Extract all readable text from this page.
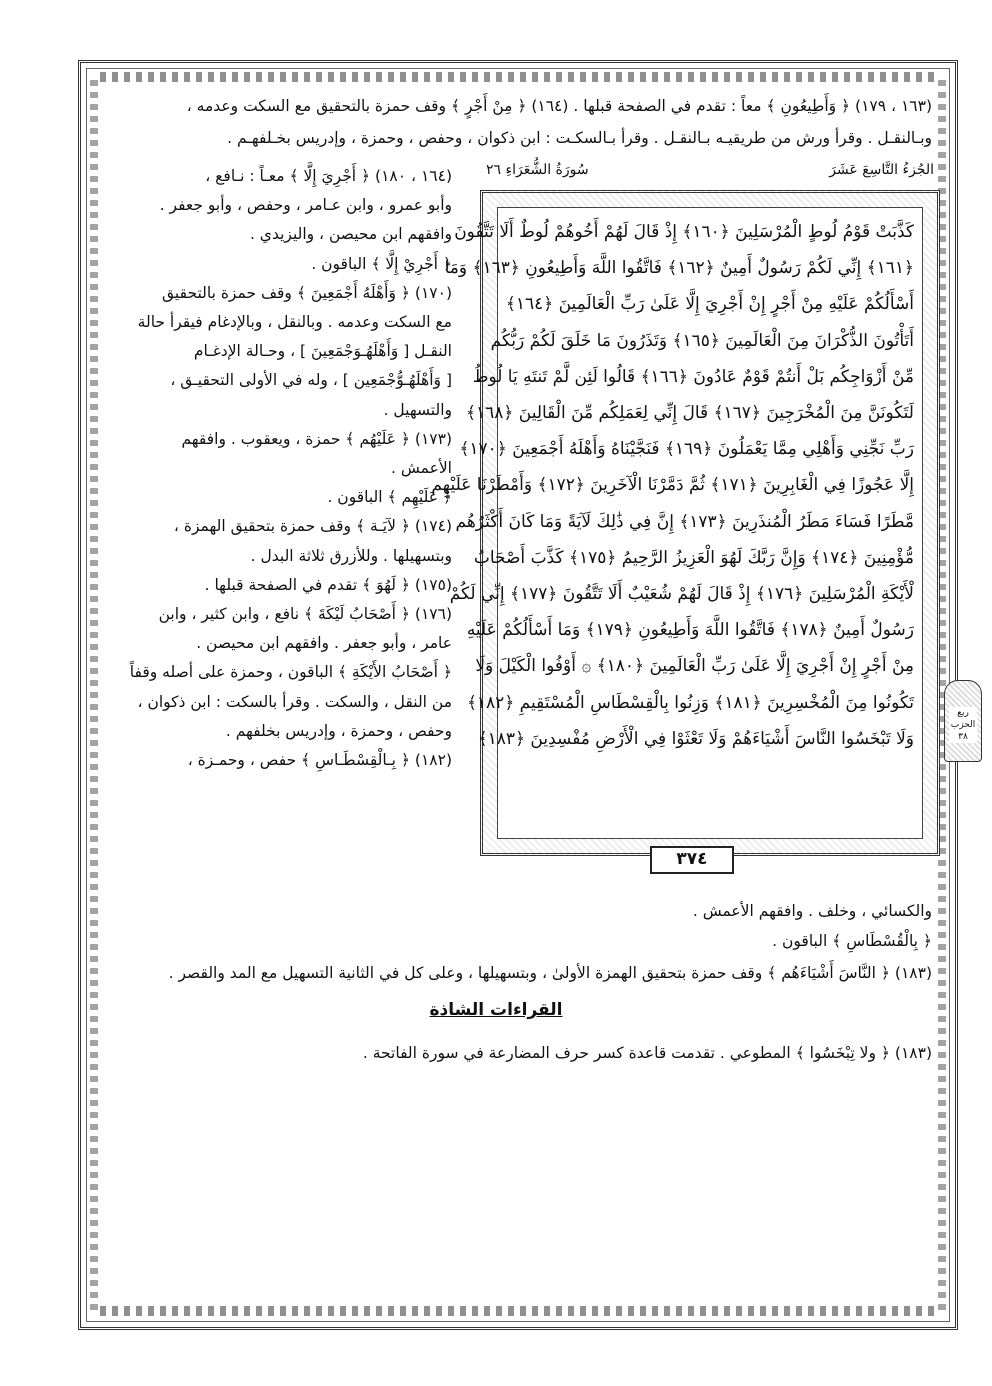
(١٦٣ ، ١٧٩) ﴿ وَأَطِيعُونِ ﴾ معاً : تقدم في الصفحة قبلها . (١٦٤) ﴿ مِنْ أَجْرٍ ﴾ وقف حمزة بالتحقيق مع السكت وعدمه ،
وبـالنقـل . وقرأ ورش من طريقيـه بـالنقـل . وقرأ بـالسكـت : ابن ذكوان ، وحفص ، وحمزة ، وإدريس بخـلفهـم .

(١٦٤ ، ١٨٠) ﴿ أَجْرِيَ إِلَّا ﴾ معـاً : نـافع ،

وأبو عمرو ، وابن عـامر ، وحفص ، وأبو جعفر .

وافقهم ابن محيصن ، واليزيدي .

﴿ أَجْرِيْ إِلَّا ﴾ الباقون .

(١٧٠) ﴿ وَأَهْلَهُ أَجْمَعِينَ ﴾ وقف حمزة بالتحقيق

مع السكت وعدمه . وبالنقل ، وبالإدغام فيقرأ حالة

النقـل [ وَأَهْلَهُـوَجْمَعِينَ ] ، وحـالة الإدغـام

[ وَأَهْلَهُـوُّجْمَعِين ] ، وله في الأولى التحقيـق ،

والتسهيل .

(١٧٣) ﴿ عَلَيْهُم ﴾ حمزة ، ويعقوب . وافقهم

الأعمش .

﴿ عَلَيْهِم ﴾ الباقون .

(١٧٤) ﴿ لآيَـة ﴾ وقف حمزة بتحقيق الهمزة ،

وبتسهيلها . وللأزرق ثلاثة البدل .

(١٧٥) ﴿ لَهُوَ ﴾ تقدم في الصفحة قبلها .

(١٧٦) ﴿ أَصْحَابُ لَيْكَةَ ﴾ نافع ، وابن كثير ، وابن

عامر ، وأبو جعفر . وافقهم ابن محيصن .

﴿ أَصْحَابُ الأَيْكَةِ ﴾ الباقون ، وحمزة على أصله وقفاً

من النقل ، والسكت . وقرأ بالسكت : ابن ذكوان ،

وحفص ، وحمزة ، وإدريس بخلفهم .

(١٨٢) ﴿ بِـالْقِسْطَـاسِ ﴾ حفص ، وحمـزة ،

الجُزءُ التَّاسِعَ عَشَرَ
سُورَةُ الشُّعَرَاءِ ٢٦

كَذَّبَتْ قَوْمُ لُوطٍ الْمُرْسَلِينَ ﴿١٦٠﴾ إِذْ قَالَ لَهُمْ أَخُوهُمْ لُوطٌ أَلَا تَتَّقُونَ

﴿١٦١﴾ إِنِّي لَكُمْ رَسُولٌ أَمِينٌ ﴿١٦٢﴾ فَاتَّقُوا اللَّهَ وَأَطِيعُونِ ﴿١٦٣﴾ وَمَا

أَسْأَلُكُمْ عَلَيْهِ مِنْ أَجْرٍ إِنْ أَجْرِيَ إِلَّا عَلَىٰ رَبِّ الْعَالَمِينَ ﴿١٦٤﴾

أَتَأْتُونَ الذُّكْرَانَ مِنَ الْعَالَمِينَ ﴿١٦٥﴾ وَتَذَرُونَ مَا خَلَقَ لَكُمْ رَبُّكُم

مِّنْ أَزْوَاجِكُم بَلْ أَنتُمْ قَوْمٌ عَادُونَ ﴿١٦٦﴾ قَالُوا لَئِن لَّمْ تَنتَهِ يَا لُوطُ

لَتَكُونَنَّ مِنَ الْمُخْرَجِينَ ﴿١٦٧﴾ قَالَ إِنِّي لِعَمَلِكُم مِّنَ الْقَالِينَ ﴿١٦٨﴾

رَبِّ نَجِّنِي وَأَهْلِي مِمَّا يَعْمَلُونَ ﴿١٦٩﴾ فَنَجَّيْنَاهُ وَأَهْلَهُ أَجْمَعِينَ ﴿١٧٠﴾

إِلَّا عَجُوزًا فِي الْغَابِرِينَ ﴿١٧١﴾ ثُمَّ دَمَّرْنَا الْآخَرِينَ ﴿١٧٢﴾ وَأَمْطَرْنَا عَلَيْهِم

مَّطَرًا فَسَاءَ مَطَرُ الْمُنذَرِينَ ﴿١٧٣﴾ إِنَّ فِي ذَٰلِكَ لَآيَةً وَمَا كَانَ أَكْثَرُهُم

مُّؤْمِنِينَ ﴿١٧٤﴾ وَإِنَّ رَبَّكَ لَهُوَ الْعَزِيزُ الرَّحِيمُ ﴿١٧٥﴾ كَذَّبَ أَصْحَابُ

لْأَيْكَةِ الْمُرْسَلِينَ ﴿١٧٦﴾ إِذْ قَالَ لَهُمْ شُعَيْبٌ أَلَا تَتَّقُونَ ﴿١٧٧﴾ إِنِّي لَكُمْ

رَسُولٌ أَمِينٌ ﴿١٧٨﴾ فَاتَّقُوا اللَّهَ وَأَطِيعُونِ ﴿١٧٩﴾ وَمَا أَسْأَلُكُمْ عَلَيْهِ

مِنْ أَجْرٍ إِنْ أَجْرِيَ إِلَّا عَلَىٰ رَبِّ الْعَالَمِينَ ﴿١٨٠﴾ ۞ أَوْفُوا الْكَيْلَ وَلَا

تَكُونُوا مِنَ الْمُخْسِرِينَ ﴿١٨١﴾ وَزِنُوا بِالْقِسْطَاسِ الْمُسْتَقِيمِ ﴿١٨٢﴾

وَلَا تَبْخَسُوا النَّاسَ أَشْيَاءَهُمْ وَلَا تَعْثَوْا فِي الْأَرْضِ مُفْسِدِينَ ﴿١٨٣﴾

٣٧٤
ربع الحزب ٣٨
والكسائي ، وخلف . وافقهم الأعمش .
﴿ بِالْقُسْطَاسِ ﴾ الباقون .
(١٨٣) ﴿ النَّاسَ أَشْيَاءَهُم ﴾ وقف حمزة بتحقيق الهمزة الأولىٰ ، وبتسهيلها ، وعلى كل في الثانية التسهيل مع المد والقصر .
القراءات الشاذة
(١٨٣) ﴿ ولا تِبْخَسُوا ﴾ المطوعي . تقدمت قاعدة كسر حرف المضارعة في سورة الفاتحة .
